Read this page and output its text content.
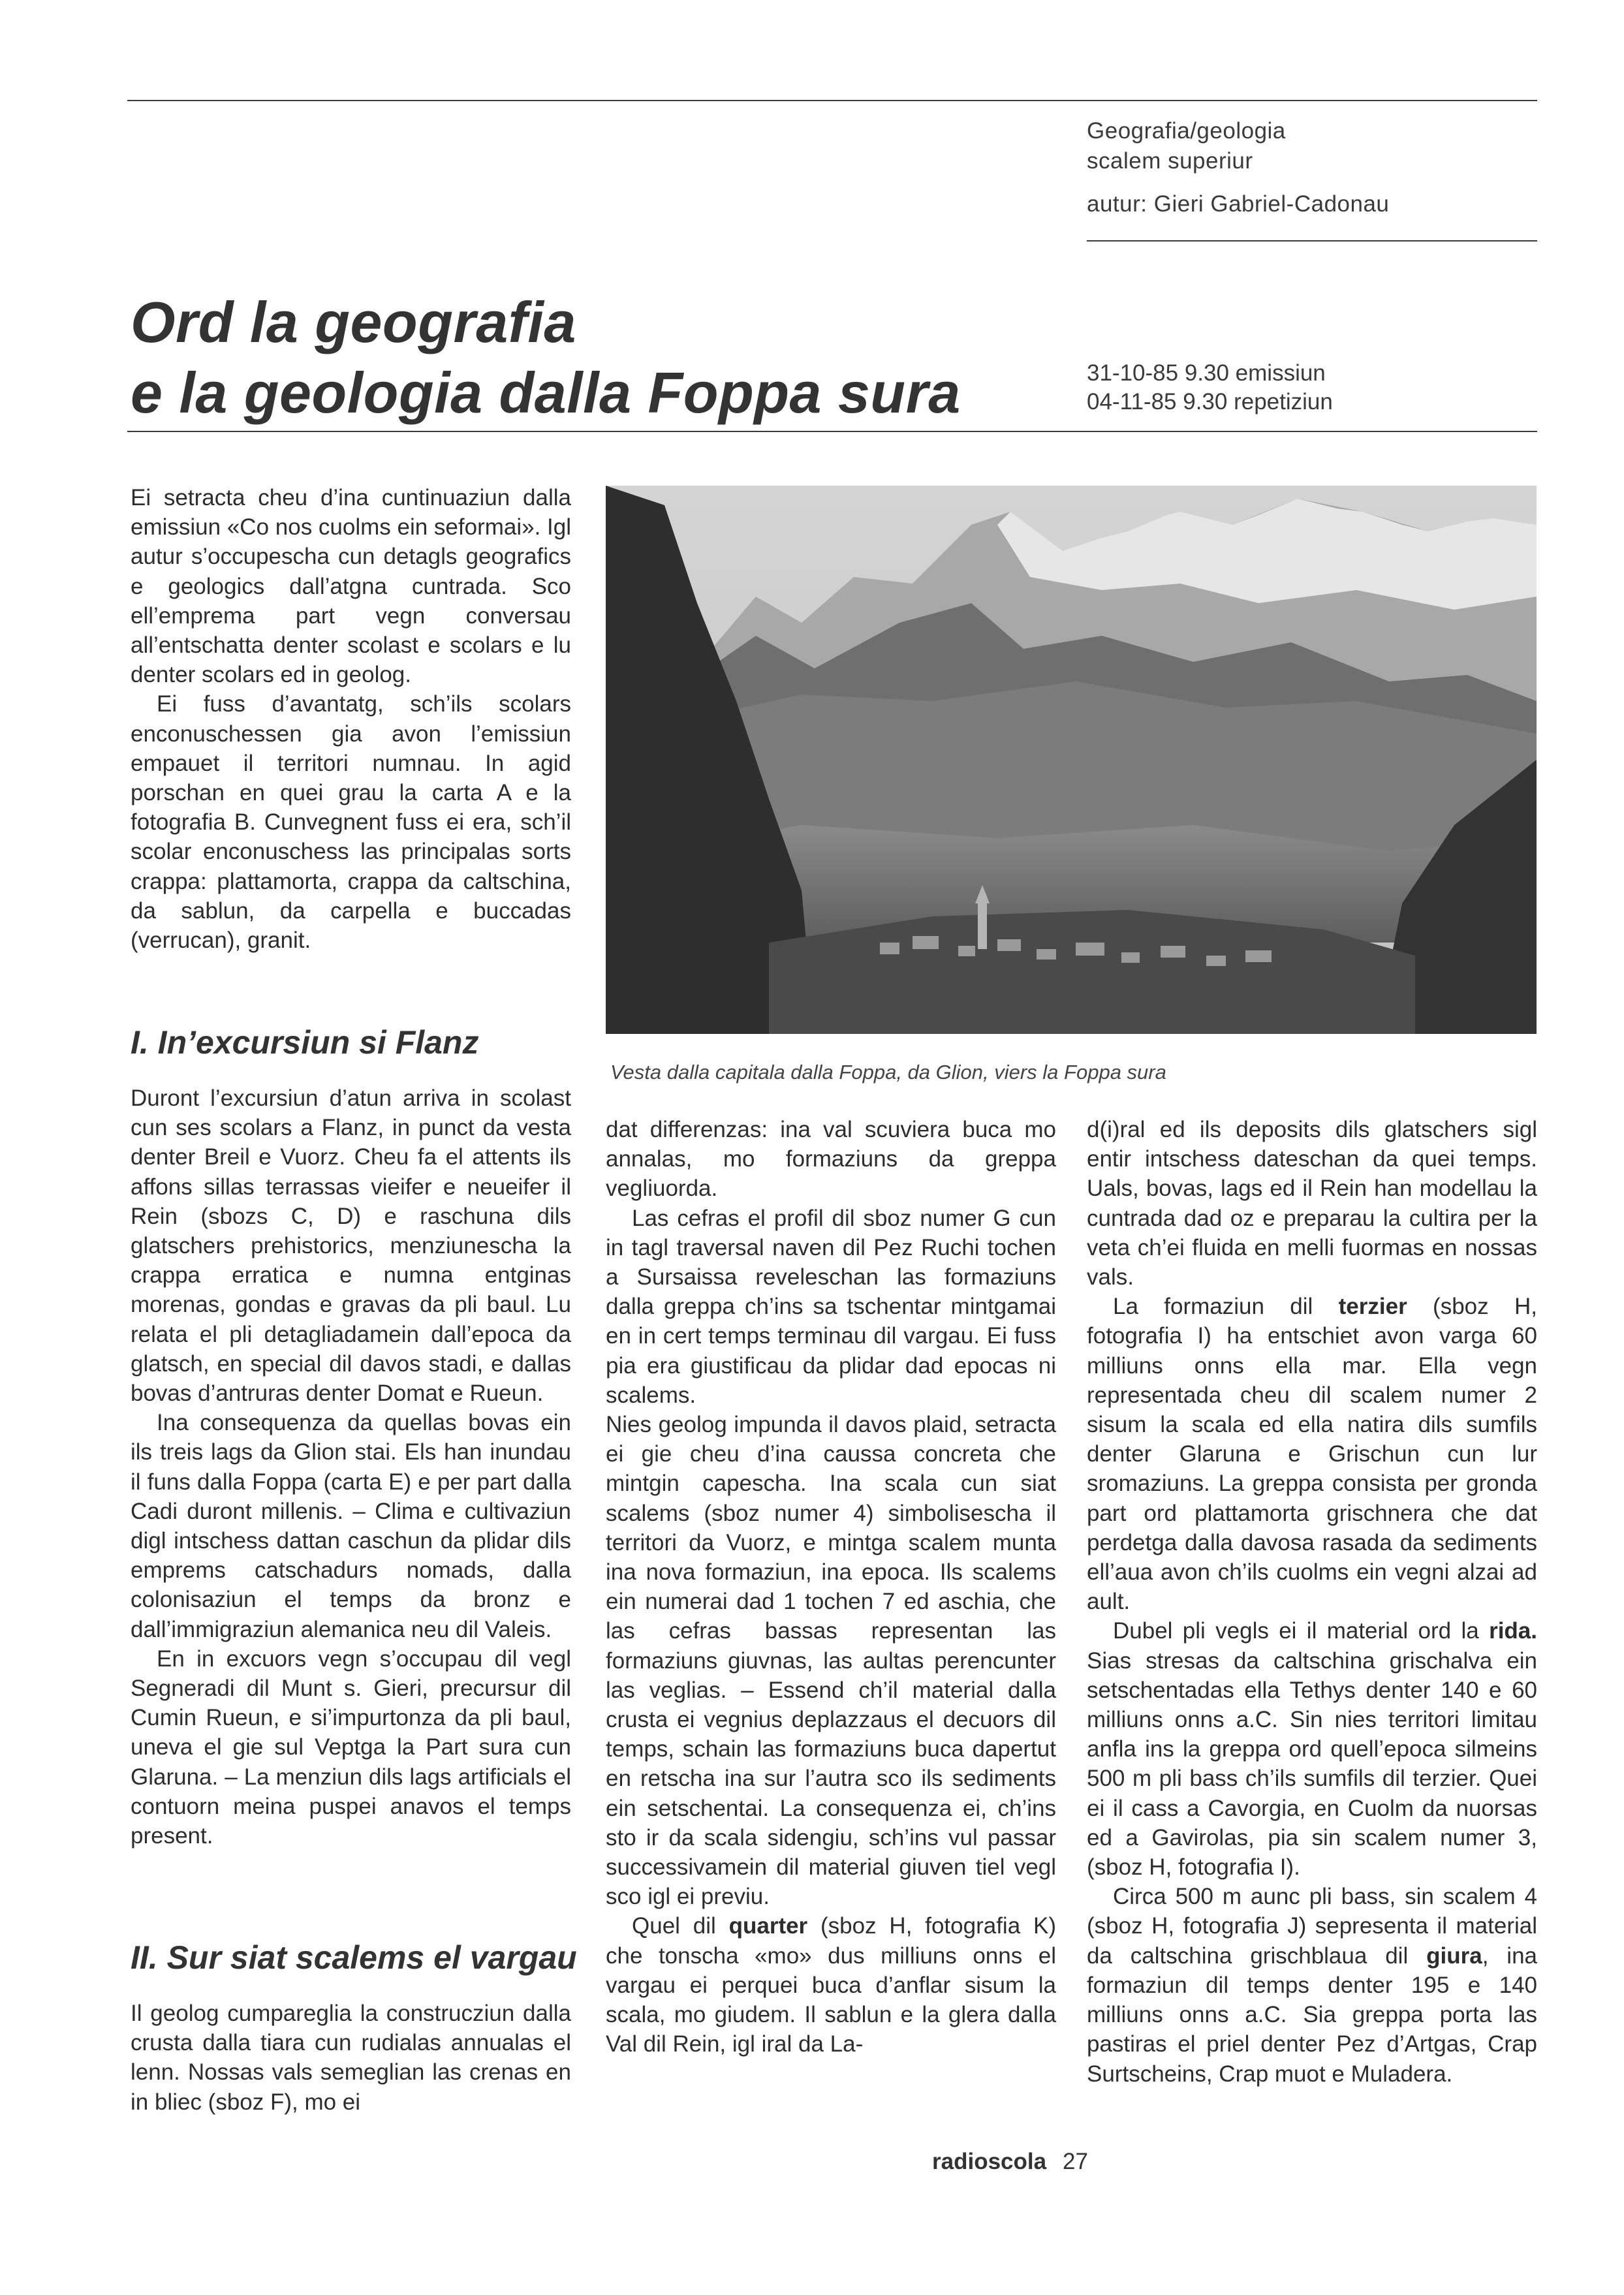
Geografia/geologia
scalem superiur
autur: Gieri Gabriel-Cadonau
Ord la geografia
e la geologia dalla Foppa sura	31-10-85 9.30 emissiun
04-11-85 9.30 repetiziun

Ei setracta cheu d’ina cuntinuaziun dalla emissiun «Co nos cuolms ein seformai». Igl autur s’occupescha cun detagls geografics e geologics dall’atgna cuntrada. Sco ell’emprema part vegn conversau all’entschatta denter scolast e scolars e lu denter scolars ed in geolog.

Ei fuss d’avantatg, sch’ils scolars enconuschessen gia avon l’emissiun empauet il territori numnau. In agid porschan en quei grau la carta A e la fotografia B. Cunvegnent fuss ei era, sch’il scolar enconuschess las principalas sorts crappa: plattamorta, crappa da caltschina, da sablun, da carpella e buccadas (verrucan), granit.

I. In’excursiun si Flanz

Duront l’excursiun d’atun arriva in scolast cun ses scolars a Flanz, in punct da vesta denter Breil e Vuorz. Cheu fa el attents ils affons sillas terrassas vieifer e neueifer il Rein (sbozs C, D) e raschuna dils glatschers prehistorics, menziunescha la crappa erratica e numna entginas morenas, gondas e gravas da pli baul. Lu relata el pli detagliadamein dall’epoca da glatsch, en special dil davos stadi, e dallas bovas d’antruras denter Domat e Rueun.

Ina consequenza da quellas bovas ein ils treis lags da Glion stai. Els han inundau il funs dalla Foppa (carta E) e per part dalla Cadi duront millenis. – Clima e cultivaziun digl intschess dattan caschun da plidar dils emprems catschadurs nomads, dalla colonisaziun el temps da bronz e dall’immigraziun alemanica neu dil Valeis.

En in excuors vegn s’occupau dil vegl Segneradi dil Munt s. Gieri, precursur dil Cumin Rueun, e si’impurtonza da pli baul, uneva el gie sul Veptga la Part sura cun Glaruna. – La menziun dils lags artificials el contuorn meina puspei anavos el temps present.

II. Sur siat scalems el vargau

Il geolog cumpareglia la construcziun dalla crusta dalla tiara cun rudialas annualas el lenn. Nossas vals semeglian las crenas en in bliec (sboz F), mo ei

Vesta dalla capitala dalla Foppa, da Glion, viers la Foppa sura

dat differenzas: ina val scuviera buca mo annalas, mo formaziuns da greppa vegliuorda.

Las cefras el profil dil sboz numer G cun in tagl traversal naven dil Pez Ruchi tochen a Sursaissa reveleschan las formaziuns dalla greppa ch’ins sa tschentar mintgamai en in cert temps terminau dil vargau. Ei fuss pia era giustificau da plidar dad epocas ni scalems.

Nies geolog impunda il davos plaid, setracta ei gie cheu d’ina caussa concreta che mintgin capescha. Ina scala cun siat scalems (sboz numer 4) simbolisescha il territori da Vuorz, e mintga scalem munta ina nova formaziun, ina epoca. Ils scalems ein numerai dad 1 tochen 7 ed aschia, che las cefras bassas representan las formaziuns giuvnas, las aultas perencunter las veglias. – Essend ch’il material dalla crusta ei vegnius deplazzaus el decuors dil temps, schain las formaziuns buca dapertut en retscha ina sur l’autra sco ils sediments ein setschentai. La consequenza ei, ch’ins sto ir da scala sidengiu, sch’ins vul passar successivamein dil material giuven tiel vegl sco igl ei previu.

Quel dil quarter (sboz H, fotografia K) che tonscha «mo» dus milliuns onns el vargau ei perquei buca d’anflar sisum la scala, mo giudem. Il sablun e la glera dalla Val dil Rein, igl iral da La-

d(i)ral ed ils deposits dils glatschers sigl entir intschess dateschan da quei temps. Uals, bovas, lags ed il Rein han modellau la cuntrada dad oz e preparau la cultira per la veta ch’ei fluida en melli fuormas en nossas vals.

La formaziun dil terzier (sboz H, fotografia I) ha entschiet avon varga 60 milliuns onns ella mar. Ella vegn representada cheu dil scalem numer 2 sisum la scala ed ella natira dils sumfils denter Glaruna e Grischun cun lur sromaziuns. La greppa consista per gronda part ord plattamorta grischnera che dat perdetga dalla davosa rasada da sediments ell’aua avon ch’ils cuolms ein vegni alzai ad ault.

Dubel pli vegls ei il material ord la rida. Sias stresas da caltschina grischalva ein setschentadas ella Tethys denter 140 e 60 milliuns onns a.C. Sin nies territori limitau anfla ins la greppa ord quell’epoca silmeins 500 m pli bass ch’ils sumfils dil terzier. Quei ei il cass a Cavorgia, en Cuolm da nuorsas ed a Gavirolas, pia sin scalem numer 3, (sboz H, fotografia I).

Circa 500 m aunc pli bass, sin scalem 4 (sboz H, fotografia J) sepresenta il material da caltschina grischblaua dil giura, ina formaziun dil temps denter 195 e 140 milliuns onns a.C. Sia greppa porta las pastiras el priel denter Pez d’Artgas, Crap Surtscheins, Crap muot e Muladera.

radioscola 27
